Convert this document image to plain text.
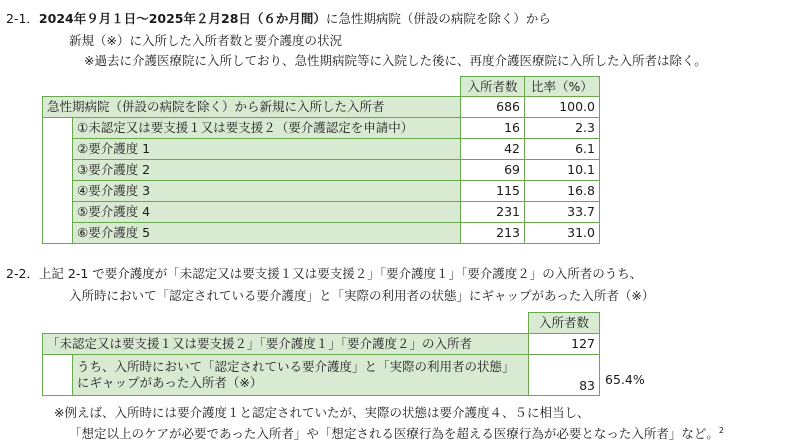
2-1．2024年９月１日～2025年２月28日（６か月間）に急性期病院（併設の病院を除く）から
新規（※）に入所した入所者数と要介護度の状況
※過去に介護医療院に入所しており、急性期病院等に入院した後に、再度介護医療院に入所した入所者は除く。
		入所者数	比率（%）
急性期病院（併設の病院を除く）から新規に入所した入所者		686	100.0
	①未認定又は要支援１又は要支援２（要介護認定を申請中）	16	2.3
	②要介護度 1	42	6.1
	③要介護度 2	69	10.1
	④要介護度 3	115	16.8
	⑤要介護度 4	231	33.7
	⑥要介護度 5	213	31.0
2-2．上記 2-1 で要介護度が「未認定又は要支援１又は要支援２」「要介護度１」「要介護度２」の入所者のうち、
入所時において「認定されている要介護度」と「実際の利用者の状態」にギャップがあった入所者（※）
		入所者数
「未認定又は要支援１又は要支援２」「要介護度１」「要介護度２」の入所者		127
	うち、入所時において「認定されている要介護度」と「実際の利用者の状態」にギャップがあった入所者（※）	83 65.4%
※例えば、入所時には要介護度１と認定されていたが、実際の状態は要介護度４、５に相当し、
「想定以上のケアが必要であった入所者」や「想定される医療行為を超える医療行為が必要となった入所者」など。$^2$
